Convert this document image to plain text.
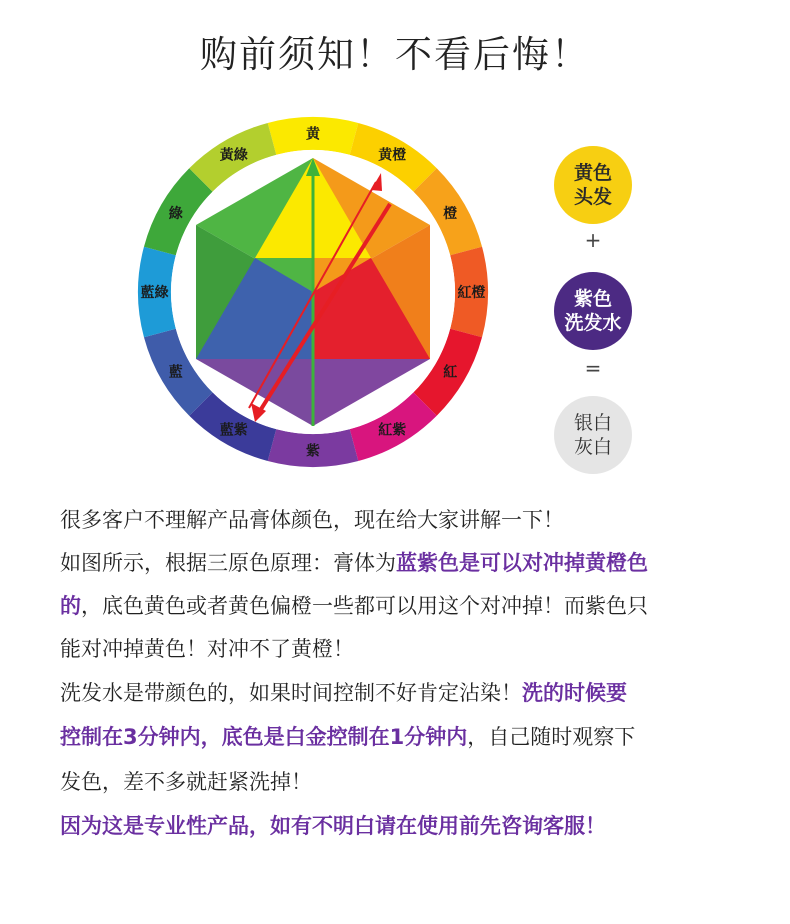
购前须知！不看后悔！
黄
黄橙
橙
紅橙
紅
紅紫
紫
藍紫
藍
藍綠
綠
黃綠
黄色
头发
+
紫色
洗发水
=
银白
灰白
很多客户不理解产品膏体颜色，现在给大家讲解一下！
如图所示，根据三原色原理：膏体为蓝紫色是可以对冲掉黄橙色
的，底色黄色或者黄色偏橙一些都可以用这个对冲掉！而紫色只
能对冲掉黄色！对冲不了黄橙！
洗发水是带颜色的，如果时间控制不好肯定沾染！洗的时候要
控制在3分钟内，底色是白金控制在1分钟内，自己随时观察下
发色，差不多就赶紧洗掉！
因为这是专业性产品，如有不明白请在使用前先咨询客服！
